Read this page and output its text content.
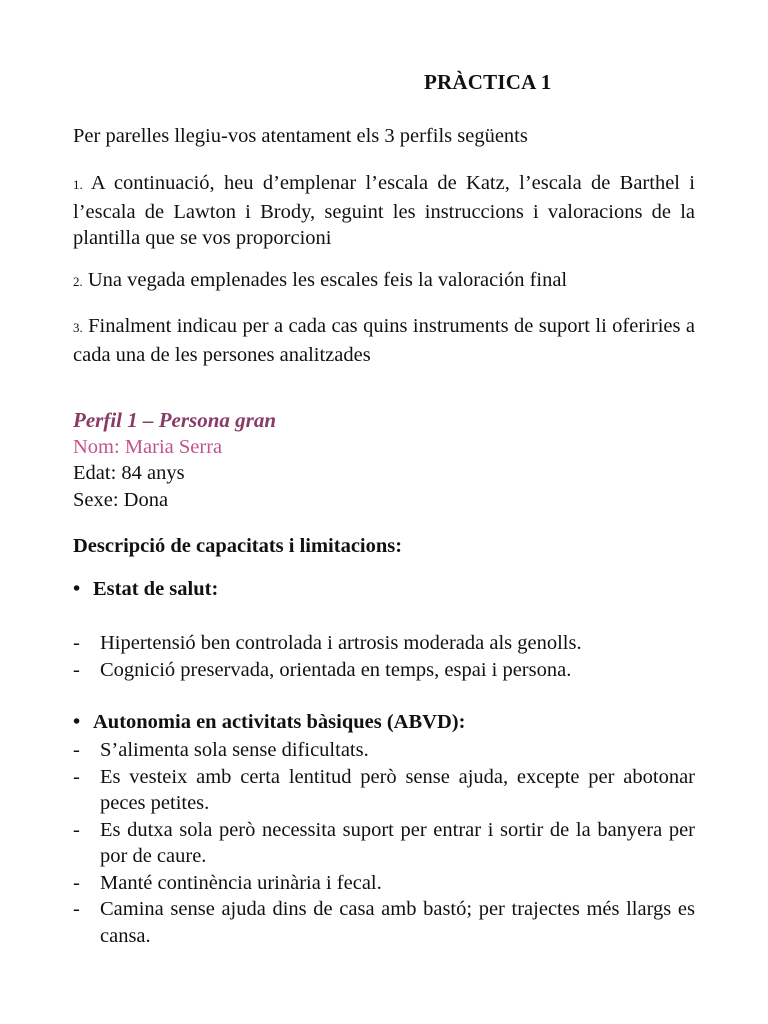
PRÀCTICA 1

Per parelles llegiu-vos atentament els 3 perfils següents

1. A continuació, heu d’emplenar l’escala de Katz, l’escala de Barthel i l’escala de Lawton i Brody, seguint les instruccions i valoracions de la plantilla que se vos proporcioni

2. Una vegada emplenades les escales feis la valoración final

3. Finalment indicau per a cada cas quins instruments de suport li oferiries a cada una de les persones analitzades

Perfil 1 – Persona gran
Nom: Maria Serra
Edat: 84 anys
Sexe: Dona
Descripció de capacitats i limitacions:
• Estat de salut:
- Hipertensió ben controlada i artrosis moderada als genolls.
- Cognició preservada, orientada en temps, espai i persona.
• Autonomia en activitats bàsiques (ABVD):
- S’alimenta sola sense dificultats.
- Es vesteix amb certa lentitud però sense ajuda, excepte per abotonar peces petites.
- Es dutxa sola però necessita suport per entrar i sortir de la banyera per por de caure.
- Manté continència urinària i fecal.
- Camina sense ajuda dins de casa amb bastó; per trajectes més llargs es cansa.
